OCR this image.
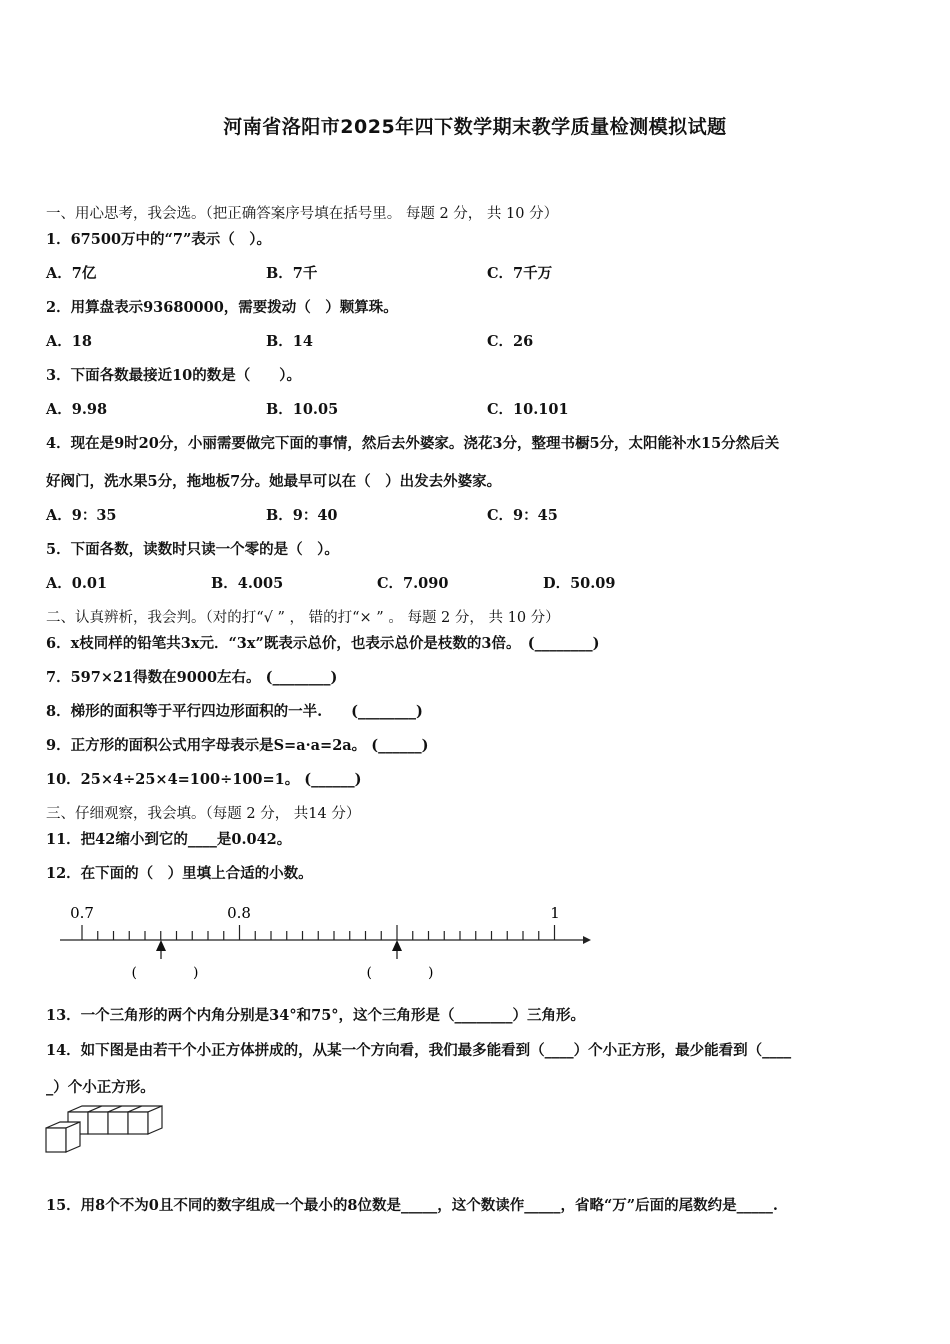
河南省洛阳市2025年四下数学期末教学质量检测模拟试题
一、用心思考，我会选。（把正确答案序号填在括号里。 每题 2 分， 共 10 分）
1．67500万中的“7”表示（　）。
A．7亿	B．7千	C．7千万
2．用算盘表示93680000，需要拨动（　）颗算珠。
A．18	B．14	C．26
3．下面各数最接近10的数是（　　）。
A．9.98	B．10.05	C．10.101
4．现在是9时20分，小丽需要做完下面的事情，然后去外婆家。浇花3分，整理书橱5分，太阳能补水15分然后关
好阀门，洗水果5分，拖地板7分。她最早可以在（　）出发去外婆家。
A．9：35	B．9：40	C．9：45
5．下面各数，读数时只读一个零的是（　）。
A．0.01	B．4.005	C．7.090	D．50.09
二、认真辨析，我会判。（对的打“√ ” ， 错的打“× ” 。 每题 2 分， 共 10 分）
6．x枝同样的铅笔共3x元．“3x”既表示总价，也表示总价是枝数的3倍。　(________)
7．597×21得数在9000左右。 (________)
8．梯形的面积等于平行四边形面积的一半.　　(________)
9．正方形的面积公式用字母表示是S=a·a=2a。 (______)
10．25×4÷25×4=100÷100=1。 (______)
三、仔细观察，我会填。（每题 2 分， 共14 分）
11．把42缩小到它的____是0.042。
12．在下面的（　）里填上合适的小数。
0.7	0.8	1
(　　　　)	(　　　　)
13．一个三角形的两个内角分别是34°和75°，这个三角形是（________）三角形。
14．如下图是由若干个小正方体拼成的，从某一个方向看，我们最多能看到（____）个小正方形，最少能看到（____
_）个小正方形。
15．用8个不为0且不同的数字组成一个最小的8位数是_____，这个数读作_____，省略“万”后面的尾数约是_____.
